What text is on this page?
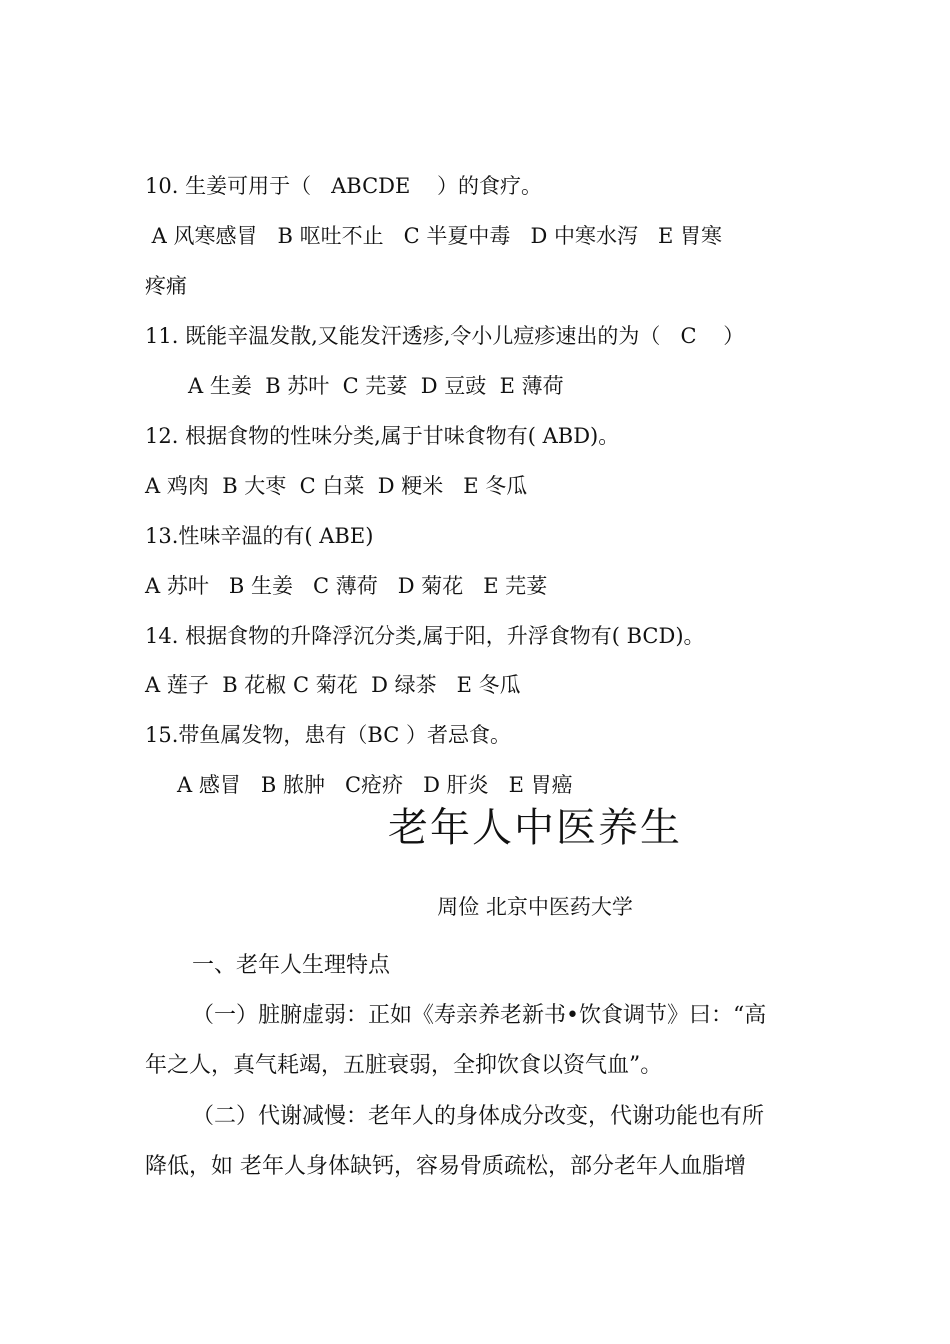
10. 生姜可用于（   ABCDE    ）的食疗。
A 风寒感冒   B 呕吐不止   C 半夏中毒   D 中寒水泻   E 胃寒
疼痛
11. 既能辛温发散,又能发汗透疹,令小儿痘疹速出的为（   C    ）
A 生姜  B 苏叶  C 芫荽  D 豆豉  E 薄荷
12. 根据食物的性味分类,属于甘味食物有( ABD)。
A 鸡肉  B 大枣  C 白菜  D 粳米   E 冬瓜
13.性味辛温的有( ABE)
A 苏叶   B 生姜   C 薄荷   D 菊花   E 芫荽
14. 根据食物的升降浮沉分类,属于阳，升浮食物有( BCD)。
A 莲子  B 花椒 C 菊花  D 绿茶   E 冬瓜
15.带鱼属发物，患有（BC ）者忌食。
A 感冒   B 脓肿   C疮疥   D 肝炎   E 胃癌
老年人中医养生
周俭 北京中医药大学
一、老年人生理特点
（一）脏腑虚弱：正如《寿亲养老新书•饮食调节》曰：“高
年之人，真气耗竭，五脏衰弱，全抑饮食以资气血”。
（二）代谢减慢：老年人的身体成分改变，代谢功能也有所
降低，如 老年人身体缺钙，容易骨质疏松，部分老年人血脂增
